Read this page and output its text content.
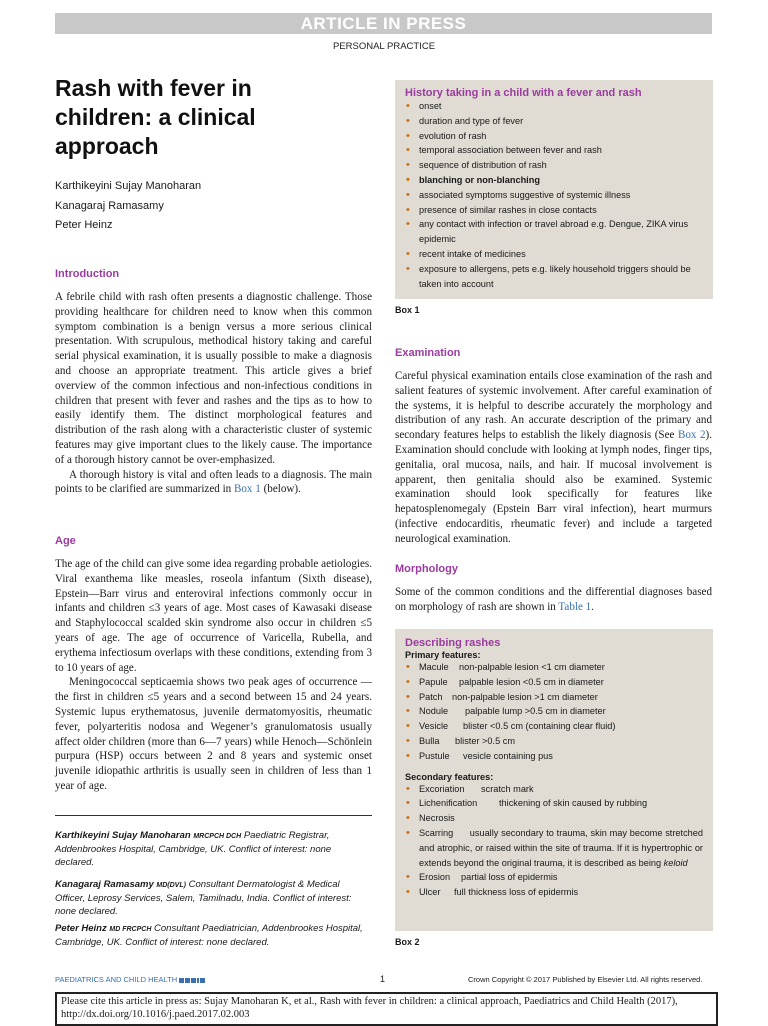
ARTICLE IN PRESS
PERSONAL PRACTICE
Rash with fever in children: a clinical approach
Karthikeyini Sujay Manoharan
Kanagaraj Ramasamy
Peter Heinz
Introduction

A febrile child with rash often presents a diagnostic challenge. Those providing healthcare for children need to know when this common symptom combination is a benign versus a more serious clinical presentation. With scrupulous, methodical history taking and careful serial physical examination, it is usually possible to make a diagnosis and choose an appropriate treatment. This article gives a brief overview of the common infectious and non-infectious conditions in children that present with fever and rashes and the tips as to how to easily identify them. The distinct morphological features and distribution of the rash along with a characteristic cluster of systemic features may give important clues to the likely cause. The importance of a thorough history cannot be over-emphasized.

A thorough history is vital and often leads to a diagnosis. The main points to be clarified are summarized in Box 1 (below).

Age

The age of the child can give some idea regarding probable aetiologies. Viral exanthema like measles, roseola infantum (Sixth disease), Epstein—Barr virus and enteroviral infections commonly occur in infants and children ≤3 years of age. Most cases of Kawasaki disease and Staphylococcal scalded skin syndrome also occur in children ≤5 years of age. The age of occurrence of Varicella, Rubella, and erythema infectiosum overlaps with these conditions, extending from 3 to 10 years of age.

Meningococcal septicaemia shows two peak ages of occurrence — the first in children ≤5 years and a second between 15 and 24 years. Systemic lupus erythematosus, juvenile dermatomyositis, rheumatic fever, polyarteritis nodosa and Wegener’s granulomatosis usually affect older children (more than 6—7 years) while Henoch—Schönlein purpura (HSP) occurs between 2 and 8 years and systemic onset juvenile idiopathic arthritis is usually seen in children of less than 1 year of age.

Karthikeyini Sujay Manoharan MRCPCH DCH Paediatric Registrar, Addenbrookes Hospital, Cambridge, UK. Conflict of interest: none declared.
Kanagaraj Ramasamy MD(DVL) Consultant Dermatologist & Medical Officer, Leprosy Services, Salem, Tamilnadu, India. Conflict of interest: none declared.
Peter Heinz MD FRCPCH Consultant Paediatrician, Addenbrookes Hospital, Cambridge, UK. Conflict of interest: none declared.
History taking in a child with a fever and rash
• onset
• duration and type of fever
• evolution of rash
• temporal association between fever and rash
• sequence of distribution of rash
• blanching or non-blanching
• associated symptoms suggestive of systemic illness
• presence of similar rashes in close contacts
• any contact with infection or travel abroad e.g. Dengue, ZIKA virus epidemic
• recent intake of medicines
• exposure to allergens, pets e.g. likely household triggers should be taken into account
Box 1
Examination

Careful physical examination entails close examination of the rash and salient features of systemic involvement. After careful examination of the systems, it is helpful to describe accurately the morphology and distribution of any rash. An accurate description of the primary and secondary features helps to establish the likely diagnosis (See Box 2). Examination should conclude with looking at lymph nodes, finger tips, genitalia, oral mucosa, nails, and hair. If mucosal involvement is apparent, then genitalia should also be examined. Systemic examination should look specifically for features like hepatosplenomegaly (Epstein Barr viral infection), heart murmurs (infective endocarditis, rheumatic fever) and include a targeted neurological examination.

Morphology

Some of the common conditions and the differential diagnoses based on morphology of rash are shown in Table 1.

Describing rashes
Primary features:
• Macule non-palpable lesion <1 cm diameter
• Papule palpable lesion <0.5 cm in diameter
• Patch non-palpable lesion >1 cm diameter
• Nodule palpable lump >0.5 cm in diameter
• Vesicle blister <0.5 cm (containing clear fluid)
• Bulla blister >0.5 cm
• Pustule vesicle containing pus
Secondary features:
• Excoriation scratch mark
• Lichenification thickening of skin caused by rubbing
• Necrosis
• Scarring usually secondary to trauma, skin may become stretched and atrophic, or raised within the site of trauma. If it is hypertrophic or extends beyond the original trauma, it is described as being keloid
• Erosion partial loss of epidermis
• Ulcer full thickness loss of epidermis
Box 2
PAEDIATRICS AND CHILD HEALTH	1	Crown Copyright © 2017 Published by Elsevier Ltd. All rights reserved.
Please cite this article in press as: Sujay Manoharan K, et al., Rash with fever in children: a clinical approach, Paediatrics and Child Health (2017), http://dx.doi.org/10.1016/j.paed.2017.02.003
